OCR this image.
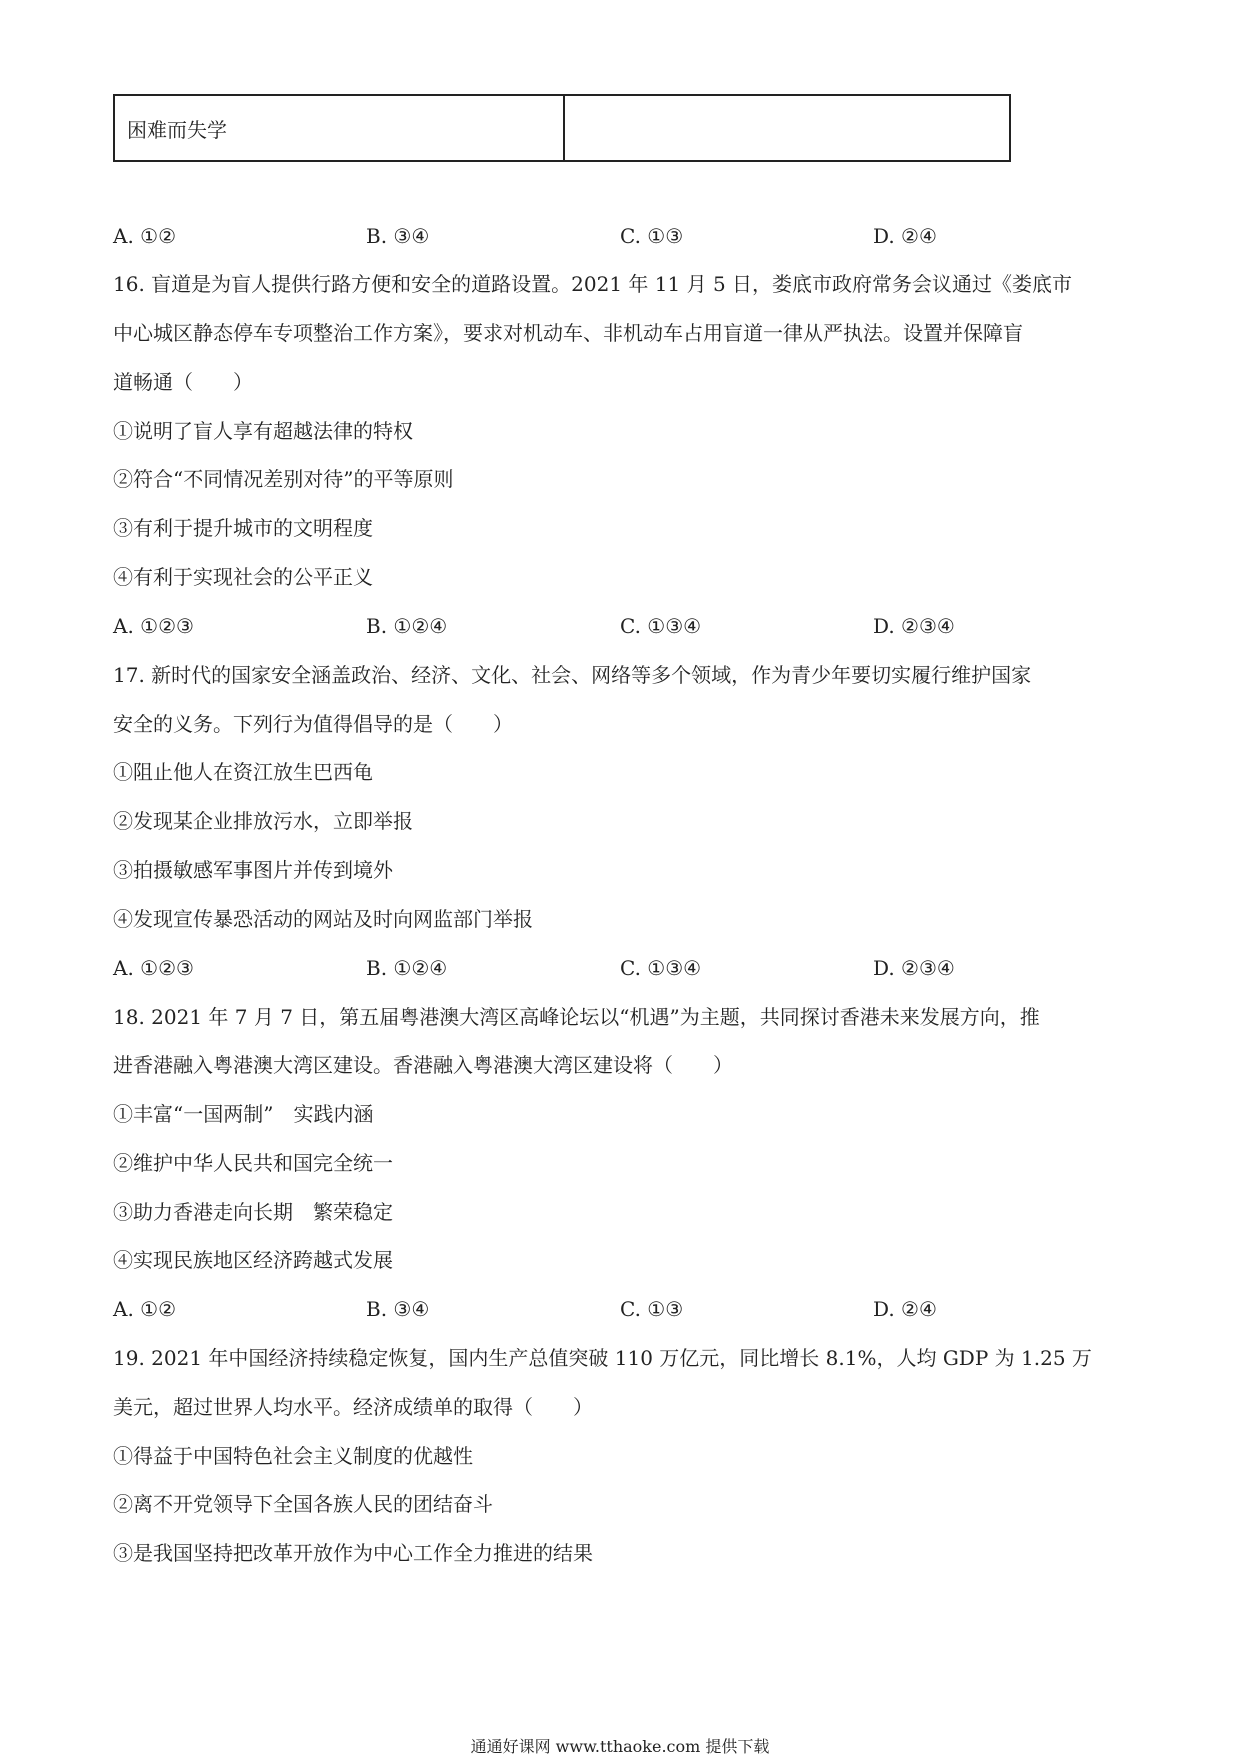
困难而失学
A. ①②	B. ③④	C. ①③	D. ②④
16. 盲道是为盲人提供行路方便和安全的道路设置。2021 年 11 月 5 日，娄底市政府常务会议通过《娄底市
中心城区静态停车专项整治工作方案》，要求对机动车、非机动车占用盲道一律从严执法。设置并保障盲
道畅通（　　）
①说明了盲人享有超越法律的特权
②符合“不同情况差别对待”的平等原则
③有利于提升城市的文明程度
④有利于实现社会的公平正义
A. ①②③	B. ①②④	C. ①③④	D. ②③④
17. 新时代的国家安全涵盖政治、经济、文化、社会、网络等多个领域，作为青少年要切实履行维护国家
安全的义务。下列行为值得倡导的是（　　）
①阻止他人在资江放生巴西龟
②发现某企业排放污水，立即举报
③拍摄敏感军事图片并传到境外
④发现宣传暴恐活动的网站及时向网监部门举报
A. ①②③	B. ①②④	C. ①③④	D. ②③④
18. 2021 年 7 月 7 日，第五届粤港澳大湾区高峰论坛以“机遇”为主题，共同探讨香港未来发展方向，推
进香港融入粤港澳大湾区建设。香港融入粤港澳大湾区建设将（　　）
①丰富“一国两制”　实践内涵
②维护中华人民共和国完全统一
③助力香港走向长期　繁荣稳定
④实现民族地区经济跨越式发展
A. ①②	B. ③④	C. ①③	D. ②④
19. 2021 年中国经济持续稳定恢复，国内生产总值突破 110 万亿元，同比增长 8.1%，人均 GDP 为 1.25 万
美元，超过世界人均水平。经济成绩单的取得（　　）
①得益于中国特色社会主义制度的优越性
②离不开党领导下全国各族人民的团结奋斗
③是我国坚持把改革开放作为中心工作全力推进的结果
通通好课网 www.tthaoke.com 提供下载
